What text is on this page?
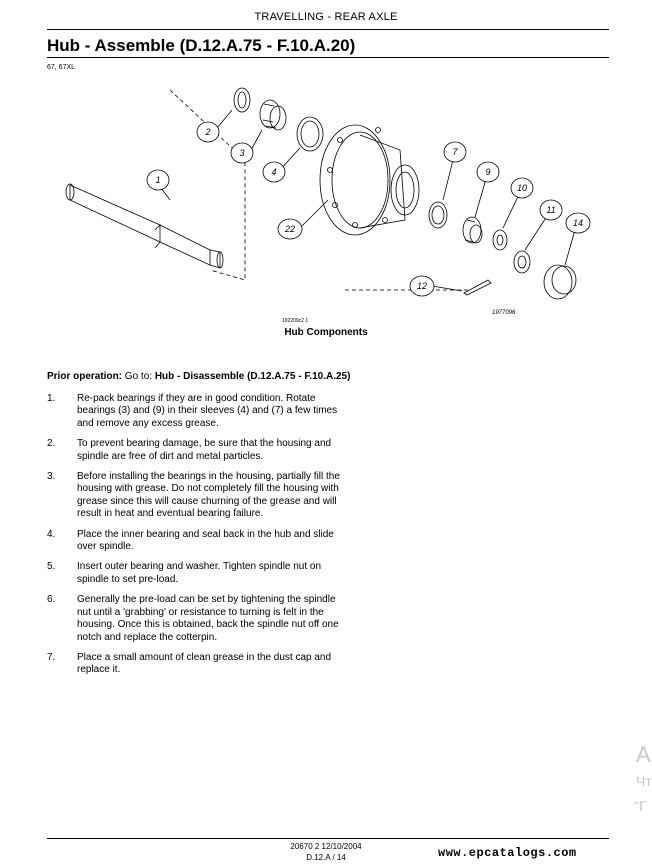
TRAVELLING - REAR AXLE
Hub - Assemble (D.12.A.75 - F.10.A.20)
67, 67XL
1
2
3
4
7
9
10
11
12
14
22
1977096
192209c2 1
Hub Components
Prior operation: Go to: Hub - Disassemble (D.12.A.75 - F.10.A.25)
1. Re-pack bearings if they are in good condition. Rotate bearings (3) and (9) in their sleeves (4) and (7) a few times and remove any excess grease.
2. To prevent bearing damage, be sure that the housing and spindle are free of dirt and metal particles.
3. Before installing the bearings in the housing, partially fill the housing with grease. Do not completely fill the housing with grease since this will cause churning of the grease and will result in heat and eventual bearing failure.
4. Place the inner bearing and seal back in the hub and slide over spindle.
5. Insert outer bearing and washer. Tighten spindle nut on spindle to set pre-load.
6. Generally the pre-load can be set by tightening the spindle nut until a 'grabbing' or resistance to turning is felt in the housing. Once this is obtained, back the spindle nut off one notch and replace the cotterpin.
7. Place a small amount of clean grease in the dust cap and replace it.
A
Чт
"Г
20670 2 12/10/2004
D.12.A / 14	www.epcatalogs.com
